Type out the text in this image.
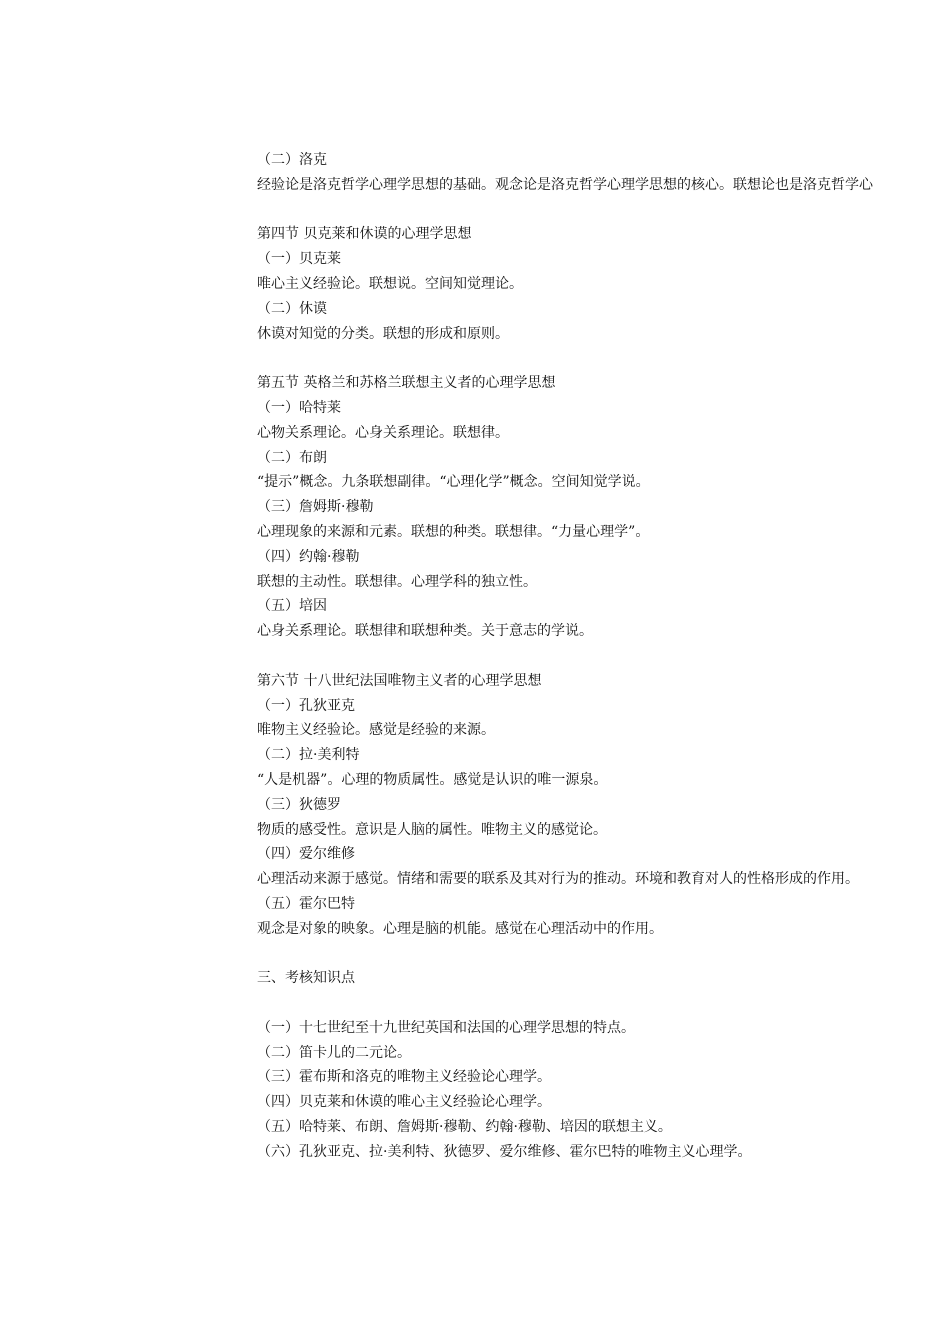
（二）洛克
经验论是洛克哲学心理学思想的基础。观念论是洛克哲学心理学思想的核心。联想论也是洛克哲学心
第四节 贝克莱和休谟的心理学思想
（一）贝克莱
唯心主义经验论。联想说。空间知觉理论。
（二）休谟
休谟对知觉的分类。联想的形成和原则。
第五节 英格兰和苏格兰联想主义者的心理学思想
（一）哈特莱
心物关系理论。心身关系理论。联想律。
（二）布朗
“提示”概念。九条联想副律。“心理化学”概念。空间知觉学说。
（三）詹姆斯·穆勒
心理现象的来源和元素。联想的种类。联想律。“力量心理学”。
（四）约翰·穆勒
联想的主动性。联想律。心理学科的独立性。
（五）培因
心身关系理论。联想律和联想种类。关于意志的学说。
第六节 十八世纪法国唯物主义者的心理学思想
（一）孔狄亚克
唯物主义经验论。感觉是经验的来源。
（二）拉·美利特
“人是机器”。心理的物质属性。感觉是认识的唯一源泉。
（三）狄德罗
物质的感受性。意识是人脑的属性。唯物主义的感觉论。
（四）爱尔维修
心理活动来源于感觉。情绪和需要的联系及其对行为的推动。环境和教育对人的性格形成的作用。
（五）霍尔巴特
观念是对象的映象。心理是脑的机能。感觉在心理活动中的作用。
三、考核知识点
（一）十七世纪至十九世纪英国和法国的心理学思想的特点。
（二）笛卡儿的二元论。
（三）霍布斯和洛克的唯物主义经验论心理学。
（四）贝克莱和休谟的唯心主义经验论心理学。
（五）哈特莱、布朗、詹姆斯·穆勒、约翰·穆勒、培因的联想主义。
（六）孔狄亚克、拉·美利特、狄德罗、爱尔维修、霍尔巴特的唯物主义心理学。
